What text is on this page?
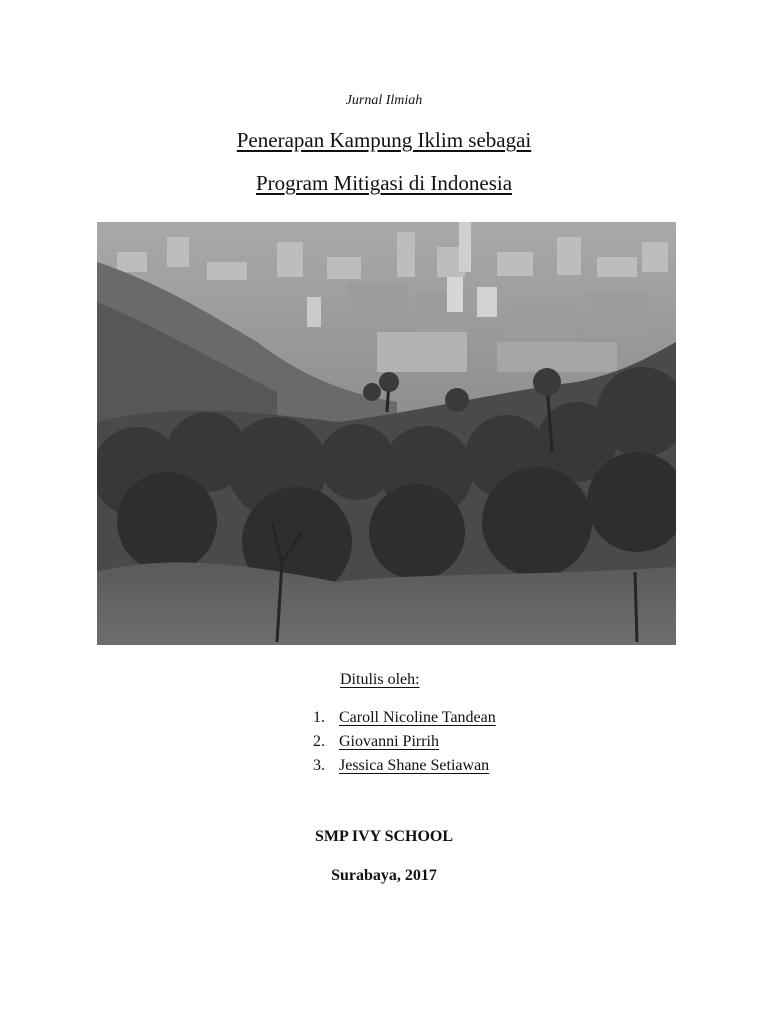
Jurnal Ilmiah
Penerapan Kampung Iklim sebagai
Program Mitigasi di Indonesia
Ditulis oleh:
1. Caroll Nicoline Tandean
2. Giovanni Pirrih
3. Jessica Shane Setiawan
SMP IVY SCHOOL
Surabaya, 2017
